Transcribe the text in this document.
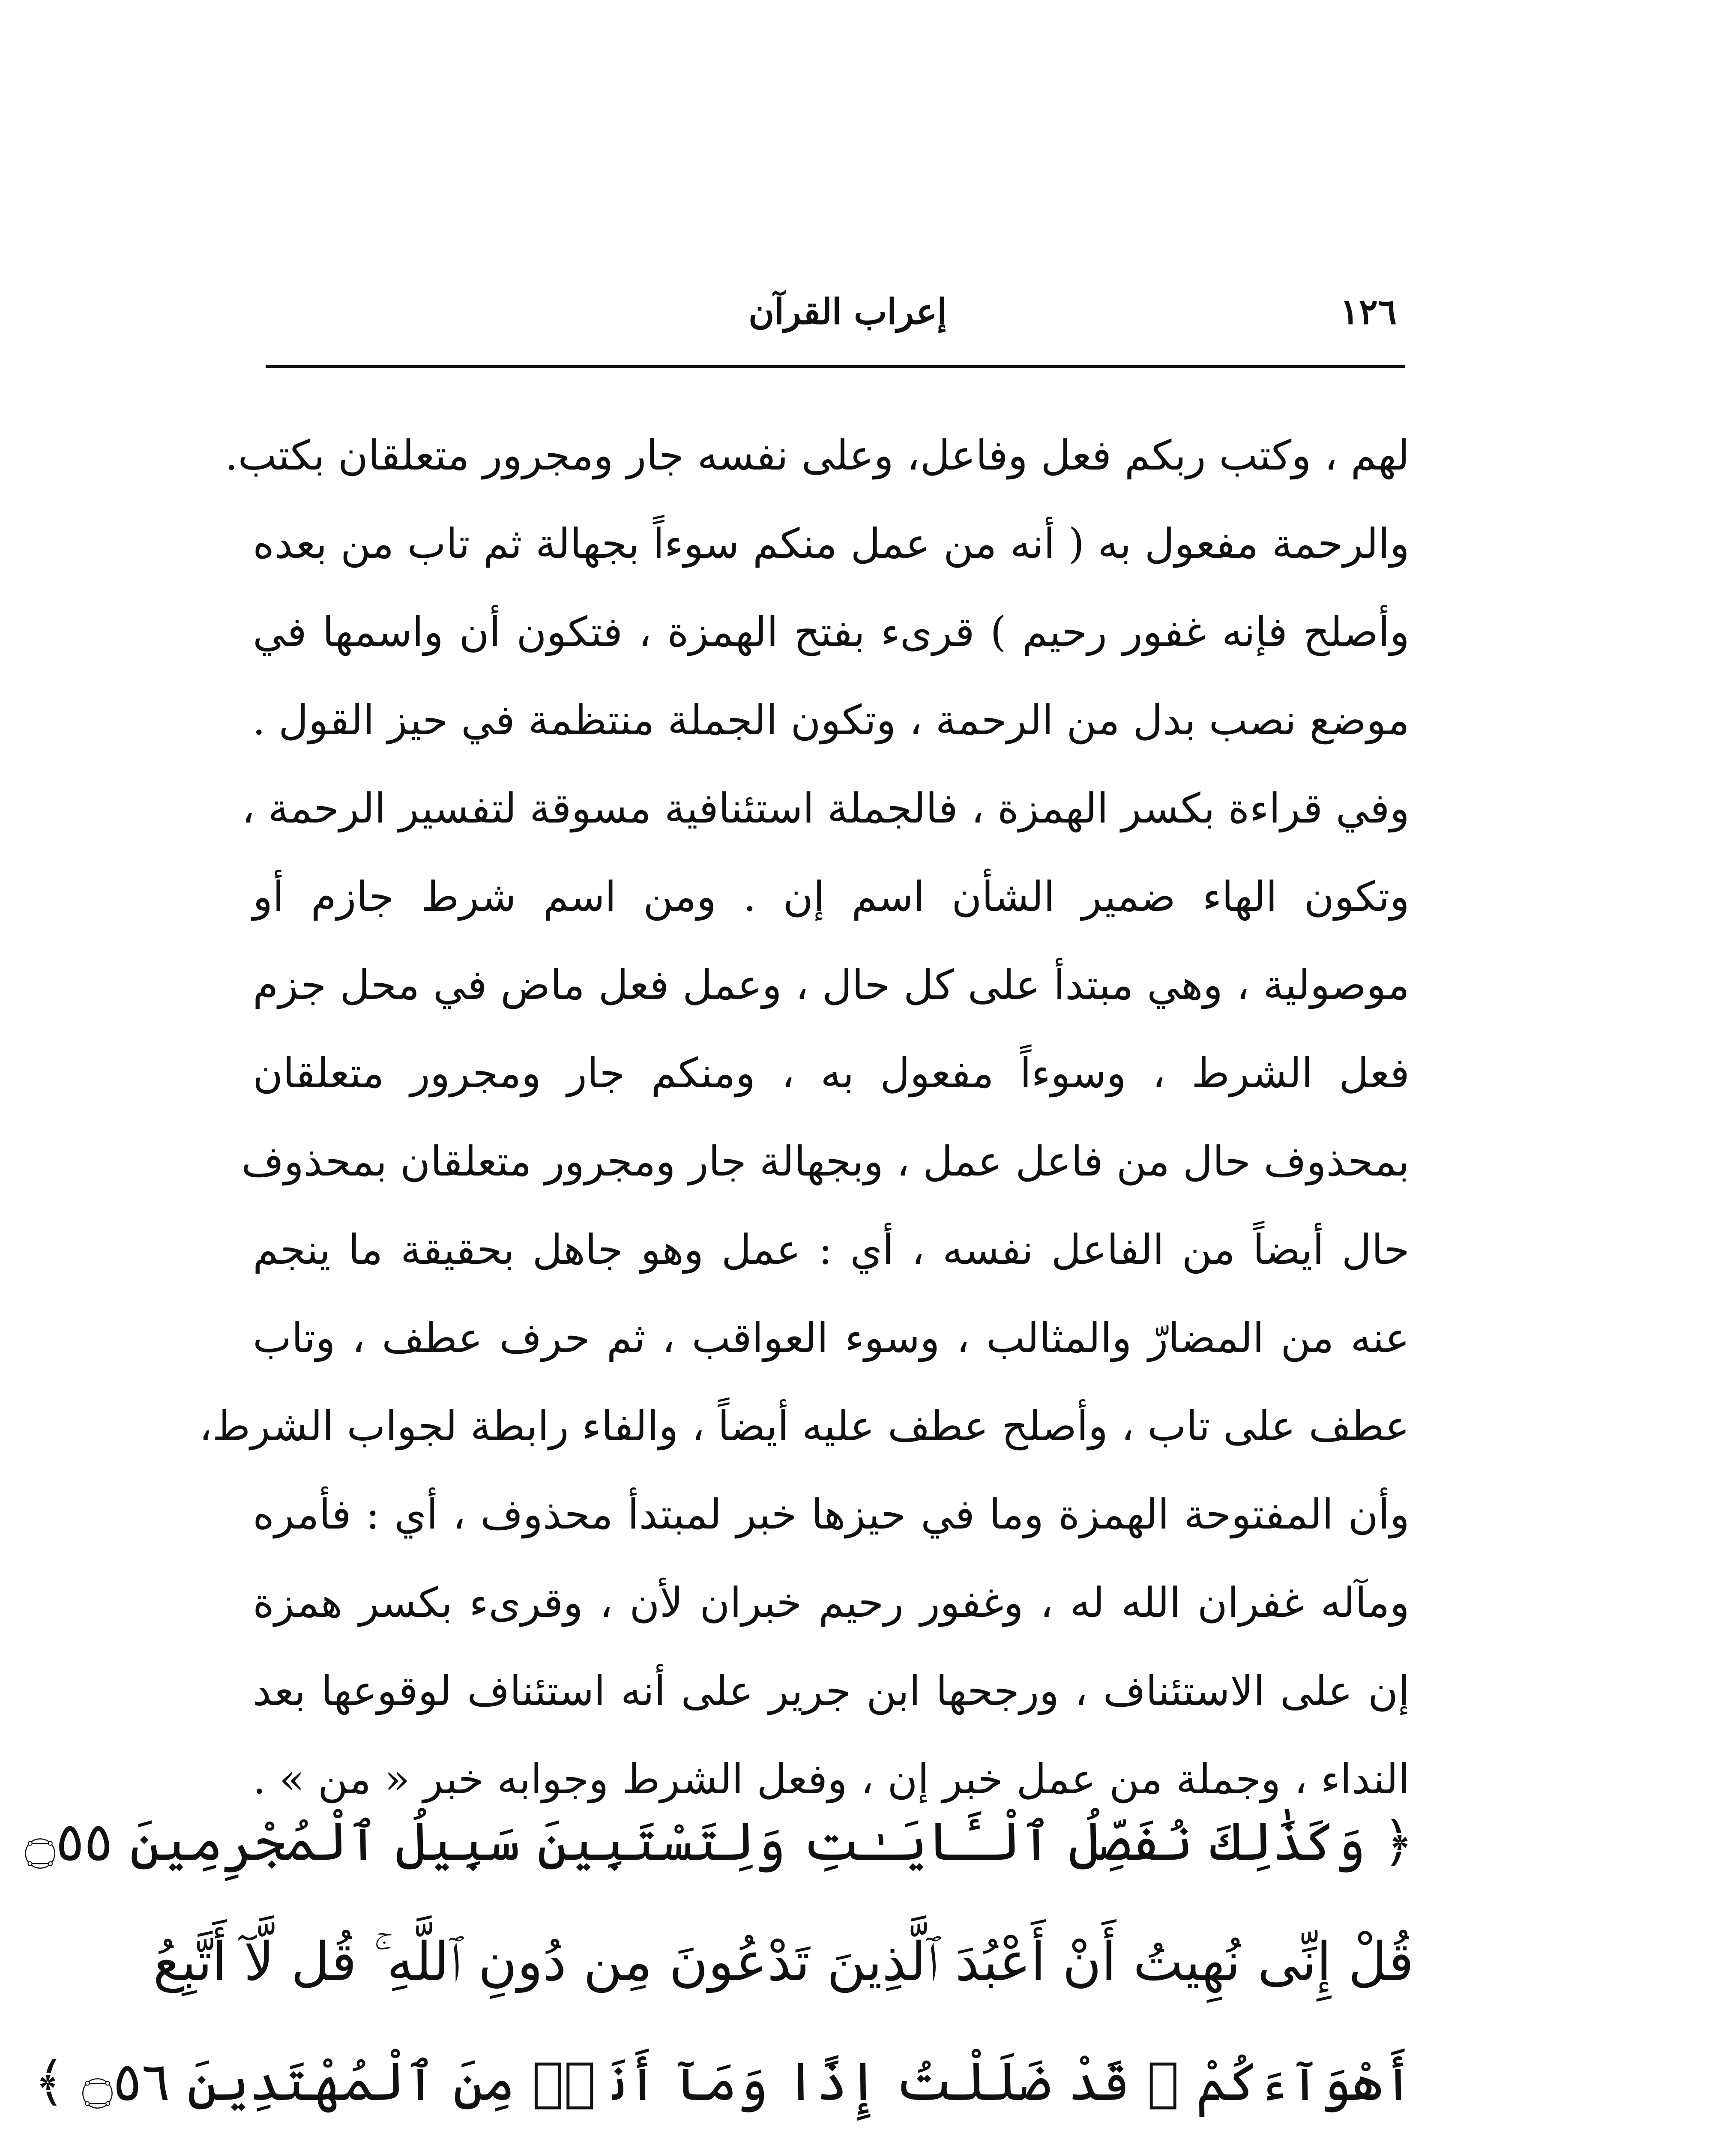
١٢٦
إعراب القرآن
لهم ، وكتب ربكم فعل وفاعل، وعلى نفسه جار ومجرور متعلقان بكتب.
والرحمة مفعول به ( أنه من عمل منكم سوءاً بجهالة ثم تاب من بعده
وأصلح فإنه غفور رحيم ) قرىء بفتح الهمزة ، فتكون أن واسمها في
موضع نصب بدل من الرحمة ، وتكون الجملة منتظمة في حيز القول .
وفي قراءة بكسر الهمزة ، فالجملة استئنافية مسوقة لتفسير الرحمة ،
وتكون الهاء ضمير الشأن اسم إن . ومن اسم شرط جازم أو
موصولية ، وهي مبتدأ على كل حال ، وعمل فعل ماض في محل جزم
فعل الشرط ، وسوءاً مفعول به ، ومنكم جار ومجرور متعلقان
بمحذوف حال من فاعل عمل ، وبجهالة جار ومجرور متعلقان بمحذوف
حال أيضاً من الفاعل نفسه ، أي : عمل وهو جاهل بحقيقة ما ينجم
عنه من المضارّ والمثالب ، وسوء العواقب ، ثم حرف عطف ، وتاب
عطف على تاب ، وأصلح عطف عليه أيضاً ، والفاء رابطة لجواب الشرط،
وأن المفتوحة الهمزة وما في حيزها خبر لمبتدأ محذوف ، أي : فأمره
ومآله غفران الله له ، وغفور رحيم خبران لأن ، وقرىء بكسر همزة
إن على الاستئناف ، ورجحها ابن جرير على أنه استئناف لوقوعها بعد
النداء ، وجملة من عمل خبر إن ، وفعل الشرط وجوابه خبر « من » .
﴿ وَكَذَٰلِكَ نُفَصِّلُ ٱلْـَٔايَـٰتِ وَلِتَسْتَبِينَ سَبِيلُ ٱلْمُجْرِمِينَ ۝٥٥
قُلْ إِنِّى نُهِيتُ أَنْ أَعْبُدَ ٱلَّذِينَ تَدْعُونَ مِن دُونِ ٱللَّهِ ۚ قُل لَّآ أَتَّبِعُ
أَهْوَآءَكُمْ ۙ قَدْ ضَلَلْتُ إِذًا وَمَآ أَنَا۠ مِنَ ٱلْمُهْتَدِينَ ۝٥٦ ﴾
